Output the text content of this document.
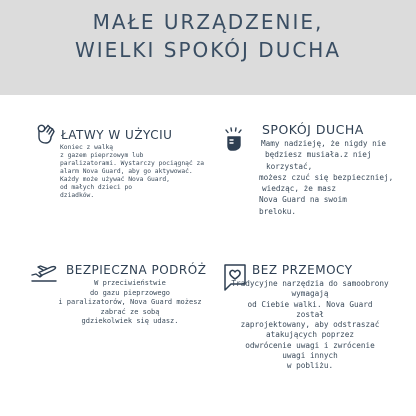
MAŁE URZĄDZENIE,
WIELKI SPOKÓJ DUCHA
ŁATWY W UŻYCIU
Koniec z walką
z gazem pieprzowym lub
paralizatorami. Wystarczy pociągnąć za
alarm Nova Guard, aby go aktywować.
Każdy może używać Nova Guard,
od małych dzieci po
dziadków.
SPOKÓJ DUCHA
Mamy nadzieję, że nigdy nie
będziesz musiała.z niej
korzystać,
możesz czuć się bezpieczniej,
wiedząc, że masz
Nova Guard na swoim
breloku.
BEZPIECZNA PODRÓŻ
W przeciwieństwie
do gazu pieprzowego
i paralizatorów, Nova Guard możesz
zabrać ze sobą
gdziekolwiek się udasz.
BEZ PRZEMOCY
Tradycyjne narzędzia do samoobrony
wymagają
od Ciebie walki. Nova Guard
został
zaprojektowany, aby odstraszać
atakujących poprzez
odwrócenie uwagi i zwrócenie
uwagi innych
w pobliżu.
